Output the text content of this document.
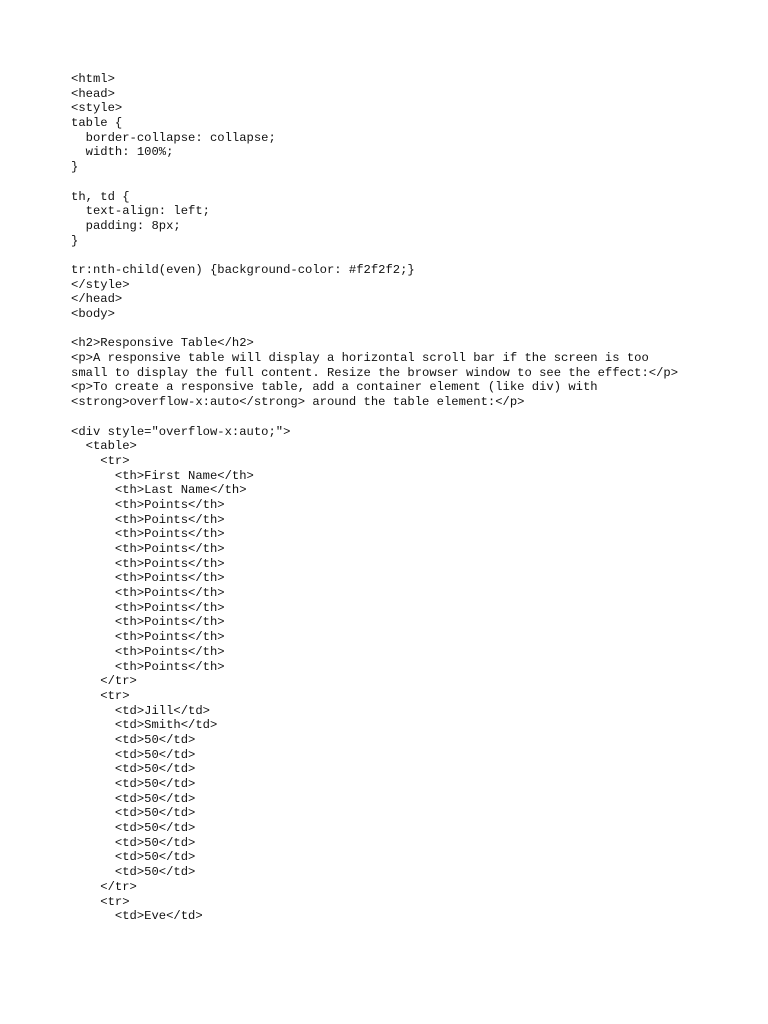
<html>
<head>
<style>
table {
border-collapse: collapse;
width: 100%;
}
th, td {
text-align: left;
padding: 8px;
}
tr:nth-child(even) {background-color: #f2f2f2;}
</style>
</head>
<body>
<h2>Responsive Table</h2>
<p>A responsive table will display a horizontal scroll bar if the screen is too
small to display the full content. Resize the browser window to see the effect:</p>
<p>To create a responsive table, add a container element (like div) with
<strong>overflow-x:auto</strong> around the table element:</p>
<div style="overflow-x:auto;">
<table>
<tr>
<th>First Name</th>
<th>Last Name</th>
<th>Points</th>
<th>Points</th>
<th>Points</th>
<th>Points</th>
<th>Points</th>
<th>Points</th>
<th>Points</th>
<th>Points</th>
<th>Points</th>
<th>Points</th>
<th>Points</th>
<th>Points</th>
</tr>
<tr>
<td>Jill</td>
<td>Smith</td>
<td>50</td>
<td>50</td>
<td>50</td>
<td>50</td>
<td>50</td>
<td>50</td>
<td>50</td>
<td>50</td>
<td>50</td>
<td>50</td>
</tr>
<tr>
<td>Eve</td>
